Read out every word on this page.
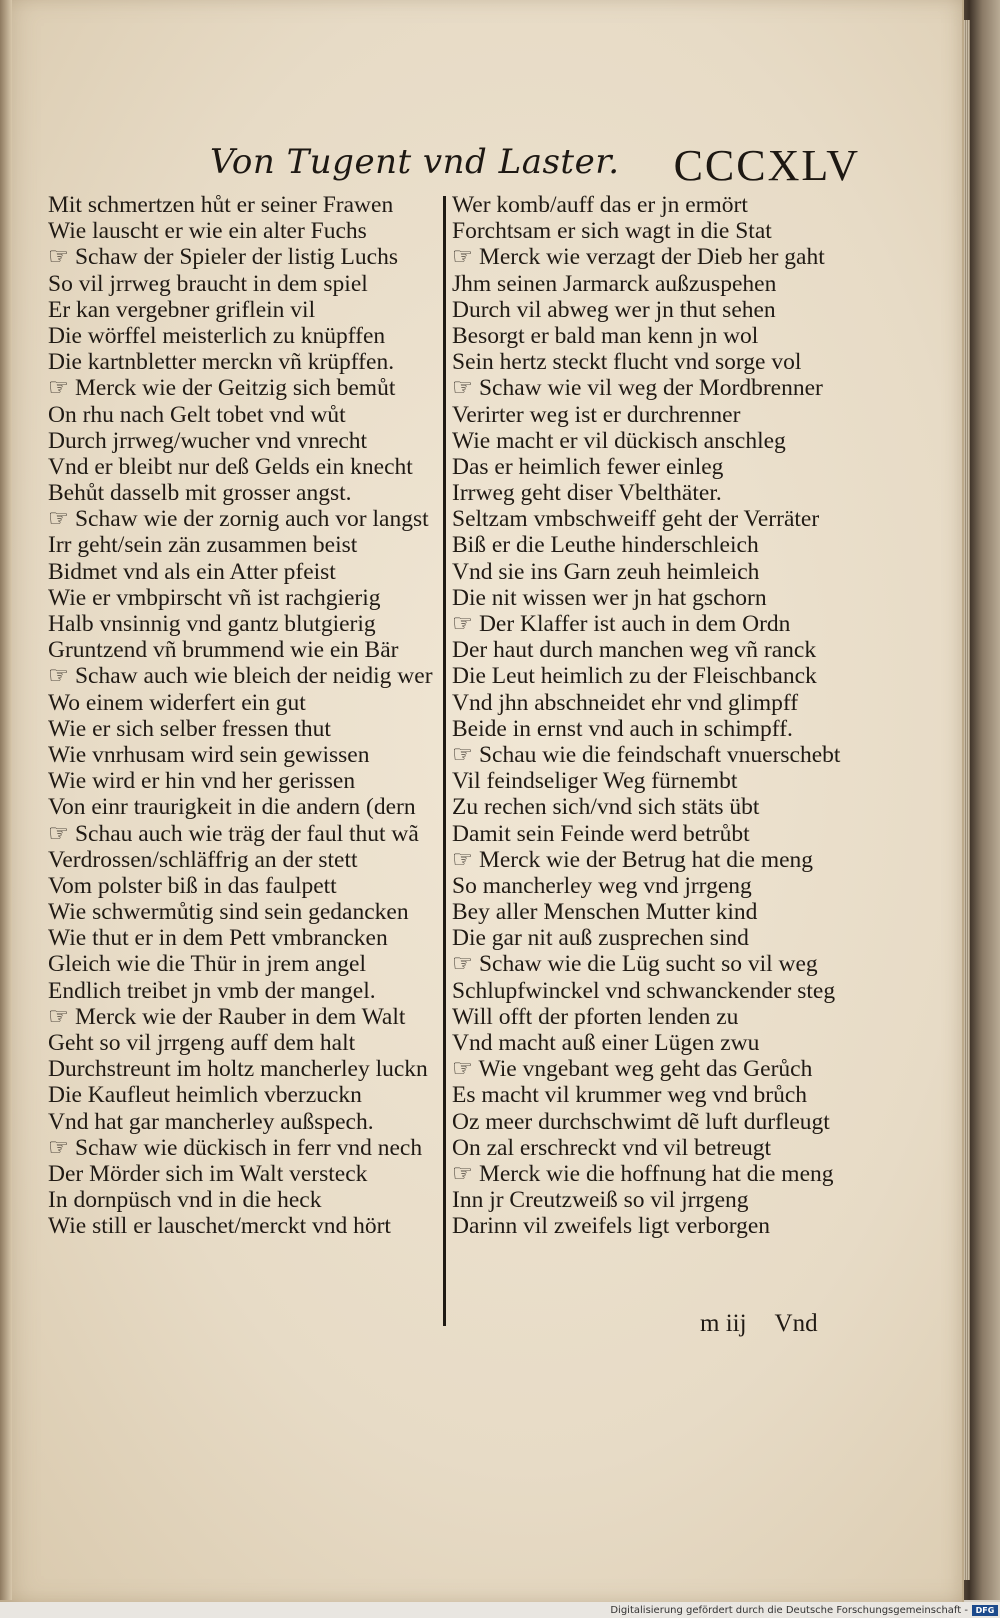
Von Tugent vnd Laster. CCCXLV
Mit schmertzen hůt er seiner Frawen
Wie lauscht er wie ein alter Fuchs
☞ Schaw der Spieler der listig Luchs
So vil jrrweg braucht in dem spiel
Er kan vergebner griflein vil
Die wörffel meisterlich zu knüpffen
Die kartnbletter merckn vñ krüpffen.
☞ Merck wie der Geitzig sich bemůt
On rhu nach Gelt tobet vnd wůt
Durch jrrweg/wucher vnd vnrecht
Vnd er bleibt nur deß Gelds ein knecht
Behůt dasselb mit grosser angst.
☞ Schaw wie der zornig auch vor langst
Irr geht/sein zän zusammen beist
Bidmet vnd als ein Atter pfeist
Wie er vmbpirscht vñ ist rachgierig
Halb vnsinnig vnd gantz blutgierig
Gruntzend vñ brummend wie ein Bär
☞ Schaw auch wie bleich der neidig wer
Wo einem widerfert ein gut
Wie er sich selber fressen thut
Wie vnrhusam wird sein gewissen
Wie wird er hin vnd her gerissen
Von einr traurigkeit in die andern (dern
☞ Schau auch wie träg der faul thut wã
Verdrossen/schläffrig an der stett
Vom polster biß in das faulpett
Wie schwermůtig sind sein gedancken
Wie thut er in dem Pett vmbrancken
Gleich wie die Thür in jrem angel
Endlich treibet jn vmb der mangel.
☞ Merck wie der Rauber in dem Walt
Geht so vil jrrgeng auff dem halt
Durchstreunt im holtz mancherley luckn
Die Kaufleut heimlich vberzuckn
Vnd hat gar mancherley außspech.
☞ Schaw wie dückisch in ferr vnd nech
Der Mörder sich im Walt versteck
In dornpüsch vnd in die heck
Wie still er lauschet/merckt vnd hört
Wer komb/auff das er jn ermört
Forchtsam er sich wagt in die Stat
☞ Merck wie verzagt der Dieb her gaht
Jhm seinen Jarmarck außzuspehen
Durch vil abweg wer jn thut sehen
Besorgt er bald man kenn jn wol
Sein hertz steckt flucht vnd sorge vol
☞ Schaw wie vil weg der Mordbrenner
Verirter weg ist er durchrenner
Wie macht er vil dückisch anschleg
Das er heimlich fewer einleg
Irrweg geht diser Vbelthäter.
Seltzam vmbschweiff geht der Verräter
Biß er die Leuthe hinderschleich
Vnd sie ins Garn zeuh heimleich
Die nit wissen wer jn hat gschorn
☞ Der Klaffer ist auch in dem Ordn
Der haut durch manchen weg vñ ranck
Die Leut heimlich zu der Fleischbanck
Vnd jhn abschneidet ehr vnd glimpff
Beide in ernst vnd auch in schimpff.
☞ Schau wie die feindschaft vnuerschebt
Vil feindseliger Weg fürnembt
Zu rechen sich/vnd sich stäts übt
Damit sein Feinde werd betrůbt
☞ Merck wie der Betrug hat die meng
So mancherley weg vnd jrrgeng
Bey aller Menschen Mutter kind
Die gar nit auß zusprechen sind
☞ Schaw wie die Lüg sucht so vil weg
Schlupfwinckel vnd schwanckender steg
Will offt der pforten lenden zu
Vnd macht auß einer Lügen zwu
☞ Wie vngebant weg geht das Gerůch
Es macht vil krummer weg vnd brůch
Oz meer durchschwimt dẽ luft durfleugt
On zal erschreckt vnd vil betreugt
☞ Merck wie die hoffnung hat die meng
Inn jr Creutzweiß so vil jrrgeng
Darinn vil zweifels ligt verborgen
m iij Vnd
Digitalisierung gefördert durch die Deutsche Forschungsgemeinschaft - DFG
